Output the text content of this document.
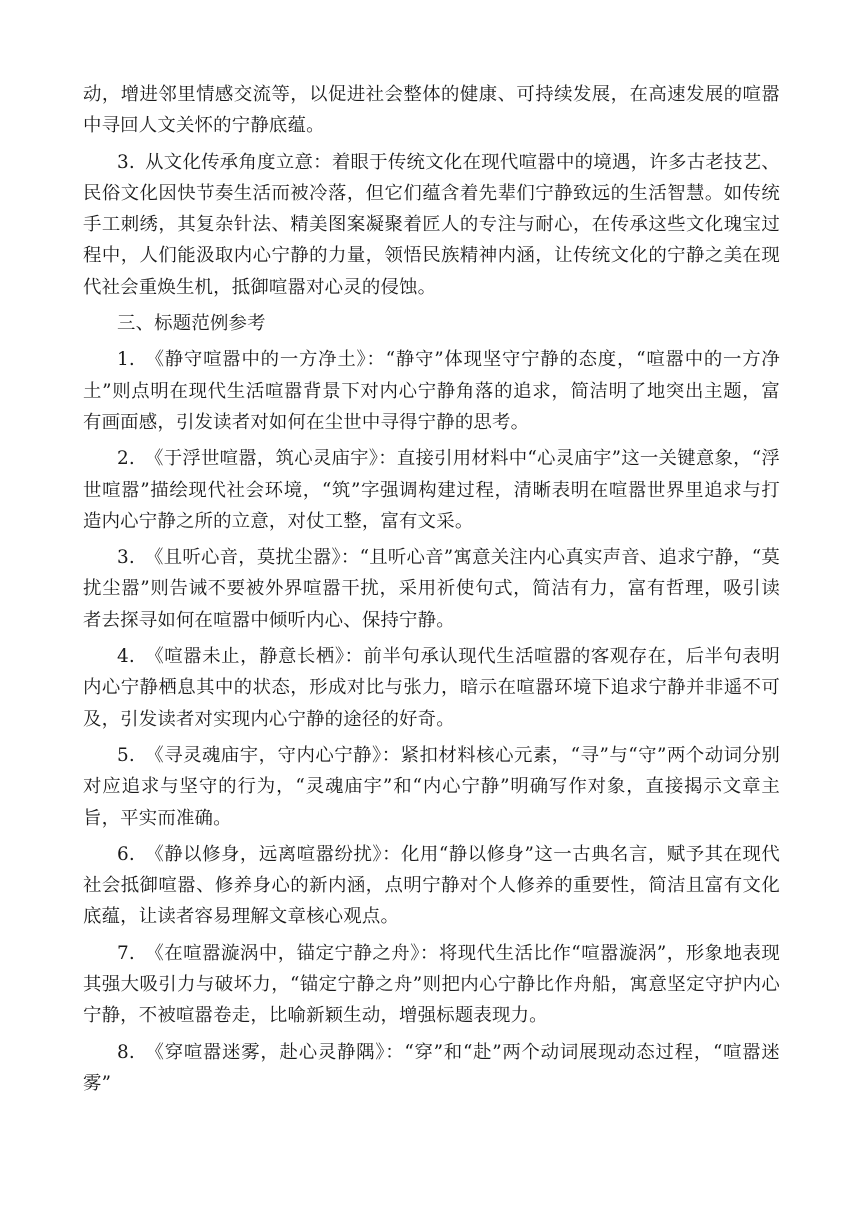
动，增进邻里情感交流等，以促进社会整体的健康、可持续发展，在高速发展的喧嚣中寻回人文关怀的宁静底蕴。

3. 从文化传承角度立意：着眼于传统文化在现代喧嚣中的境遇，许多古老技艺、民俗文化因快节奏生活而被冷落，但它们蕴含着先辈们宁静致远的生活智慧。如传统手工刺绣，其复杂针法、精美图案凝聚着匠人的专注与耐心，在传承这些文化瑰宝过程中，人们能汲取内心宁静的力量，领悟民族精神内涵，让传统文化的宁静之美在现代社会重焕生机，抵御喧嚣对心灵的侵蚀。

三、标题范例参考

1. 《静守喧嚣中的一方净土》：“静守”体现坚守宁静的态度，“喧嚣中的一方净土”则点明在现代生活喧嚣背景下对内心宁静角落的追求，简洁明了地突出主题，富有画面感，引发读者对如何在尘世中寻得宁静的思考。

2. 《于浮世喧嚣，筑心灵庙宇》：直接引用材料中“心灵庙宇”这一关键意象，“浮世喧嚣”描绘现代社会环境，“筑”字强调构建过程，清晰表明在喧嚣世界里追求与打造内心宁静之所的立意，对仗工整，富有文采。

3. 《且听心音，莫扰尘嚣》：“且听心音”寓意关注内心真实声音、追求宁静，“莫扰尘嚣”则告诫不要被外界喧嚣干扰，采用祈使句式，简洁有力，富有哲理，吸引读者去探寻如何在喧嚣中倾听内心、保持宁静。

4. 《喧嚣未止，静意长栖》：前半句承认现代生活喧嚣的客观存在，后半句表明内心宁静栖息其中的状态，形成对比与张力，暗示在喧嚣环境下追求宁静并非遥不可及，引发读者对实现内心宁静的途径的好奇。

5. 《寻灵魂庙宇，守内心宁静》：紧扣材料核心元素，“寻”与“守”两个动词分别对应追求与坚守的行为，“灵魂庙宇”和“内心宁静”明确写作对象，直接揭示文章主旨，平实而准确。

6. 《静以修身，远离喧嚣纷扰》：化用“静以修身”这一古典名言，赋予其在现代社会抵御喧嚣、修养身心的新内涵，点明宁静对个人修养的重要性，简洁且富有文化底蕴，让读者容易理解文章核心观点。

7. 《在喧嚣漩涡中，锚定宁静之舟》：将现代生活比作“喧嚣漩涡”，形象地表现其强大吸引力与破坏力，“锚定宁静之舟”则把内心宁静比作舟船，寓意坚定守护内心宁静，不被喧嚣卷走，比喻新颖生动，增强标题表现力。

8. 《穿喧嚣迷雾，赴心灵静隅》：“穿”和“赴”两个动词展现动态过程，“喧嚣迷雾”
